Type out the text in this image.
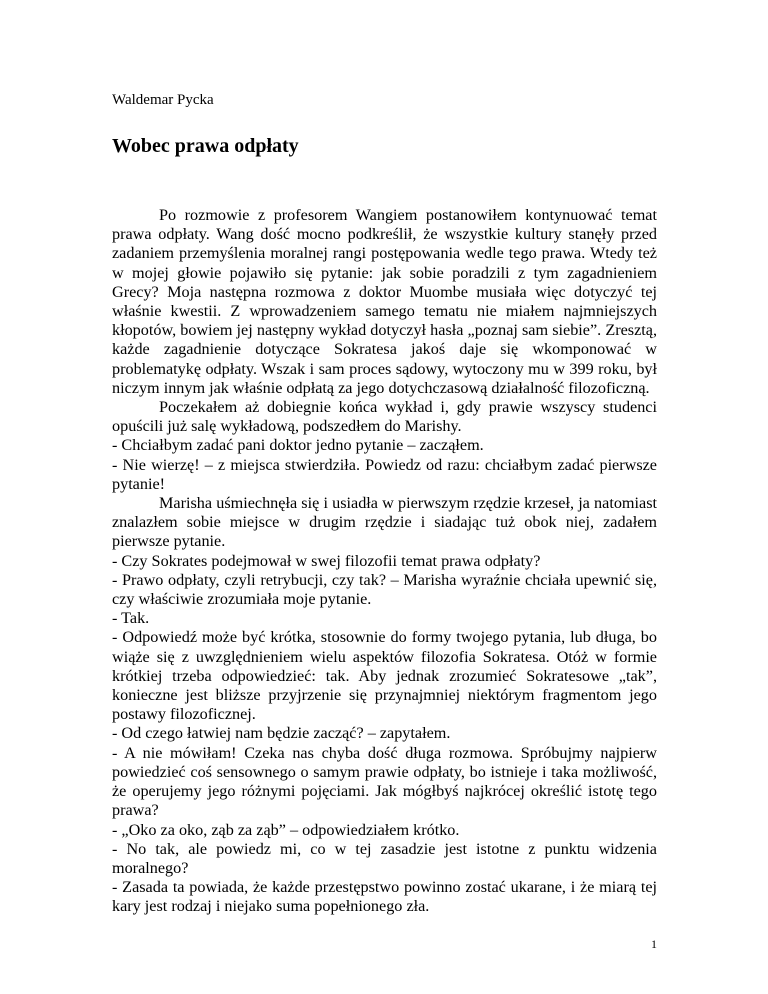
Waldemar Pycka
Wobec prawa odpłaty

Po rozmowie z profesorem Wangiem postanowiłem kontynuować temat prawa odpłaty. Wang dość mocno podkreślił, że wszystkie kultury stanęły przed zadaniem przemyślenia moralnej rangi postępowania wedle tego prawa. Wtedy też w mojej głowie pojawiło się pytanie: jak sobie poradzili z tym zagadnieniem Grecy? Moja następna rozmowa z doktor Muombe musiała więc dotyczyć tej właśnie kwestii. Z wprowadzeniem samego tematu nie miałem najmniejszych kłopotów, bowiem jej następny wykład dotyczył hasła „poznaj sam siebie”. Zresztą, każde zagadnienie dotyczące Sokratesa jakoś daje się wkomponować w problematykę odpłaty. Wszak i sam proces sądowy, wytoczony mu w 399 roku, był niczym innym jak właśnie odpłatą za jego dotychczasową działalność filozoficzną.

Poczekałem aż dobiegnie końca wykład i, gdy prawie wszyscy studenci opuścili już salę wykładową, podszedłem do Marishy.

- Chciałbym zadać pani doktor jedno pytanie – zacząłem.

- Nie wierzę! – z miejsca stwierdziła. Powiedz od razu: chciałbym zadać pierwsze pytanie!

Marisha uśmiechnęła się i usiadła w pierwszym rzędzie krzeseł, ja natomiast znalazłem sobie miejsce w drugim rzędzie i siadając tuż obok niej, zadałem pierwsze pytanie.

- Czy Sokrates podejmował w swej filozofii temat prawa odpłaty?

- Prawo odpłaty, czyli retrybucji, czy tak? – Marisha wyraźnie chciała upewnić się, czy właściwie zrozumiała moje pytanie.

- Tak.

- Odpowiedź może być krótka, stosownie do formy twojego pytania, lub długa, bo wiąże się z uwzględnieniem wielu aspektów filozofia Sokratesa. Otóż w formie krótkiej trzeba odpowiedzieć: tak. Aby jednak zrozumieć Sokratesowe „tak”, konieczne jest bliższe przyjrzenie się przynajmniej niektórym fragmentom jego postawy filozoficznej.

- Od czego łatwiej nam będzie zacząć? – zapytałem.

- A nie mówiłam! Czeka nas chyba dość długa rozmowa. Spróbujmy najpierw powiedzieć coś sensownego o samym prawie odpłaty, bo istnieje i taka możliwość, że operujemy jego różnymi pojęciami. Jak mógłbyś najkrócej określić istotę tego prawa?

- „Oko za oko, ząb za ząb” – odpowiedziałem krótko.

- No tak, ale powiedz mi, co w tej zasadzie jest istotne z punktu widzenia moralnego?

- Zasada ta powiada, że każde przestępstwo powinno zostać ukarane, i że miarą tej kary jest rodzaj i niejako suma popełnionego zła.

1
